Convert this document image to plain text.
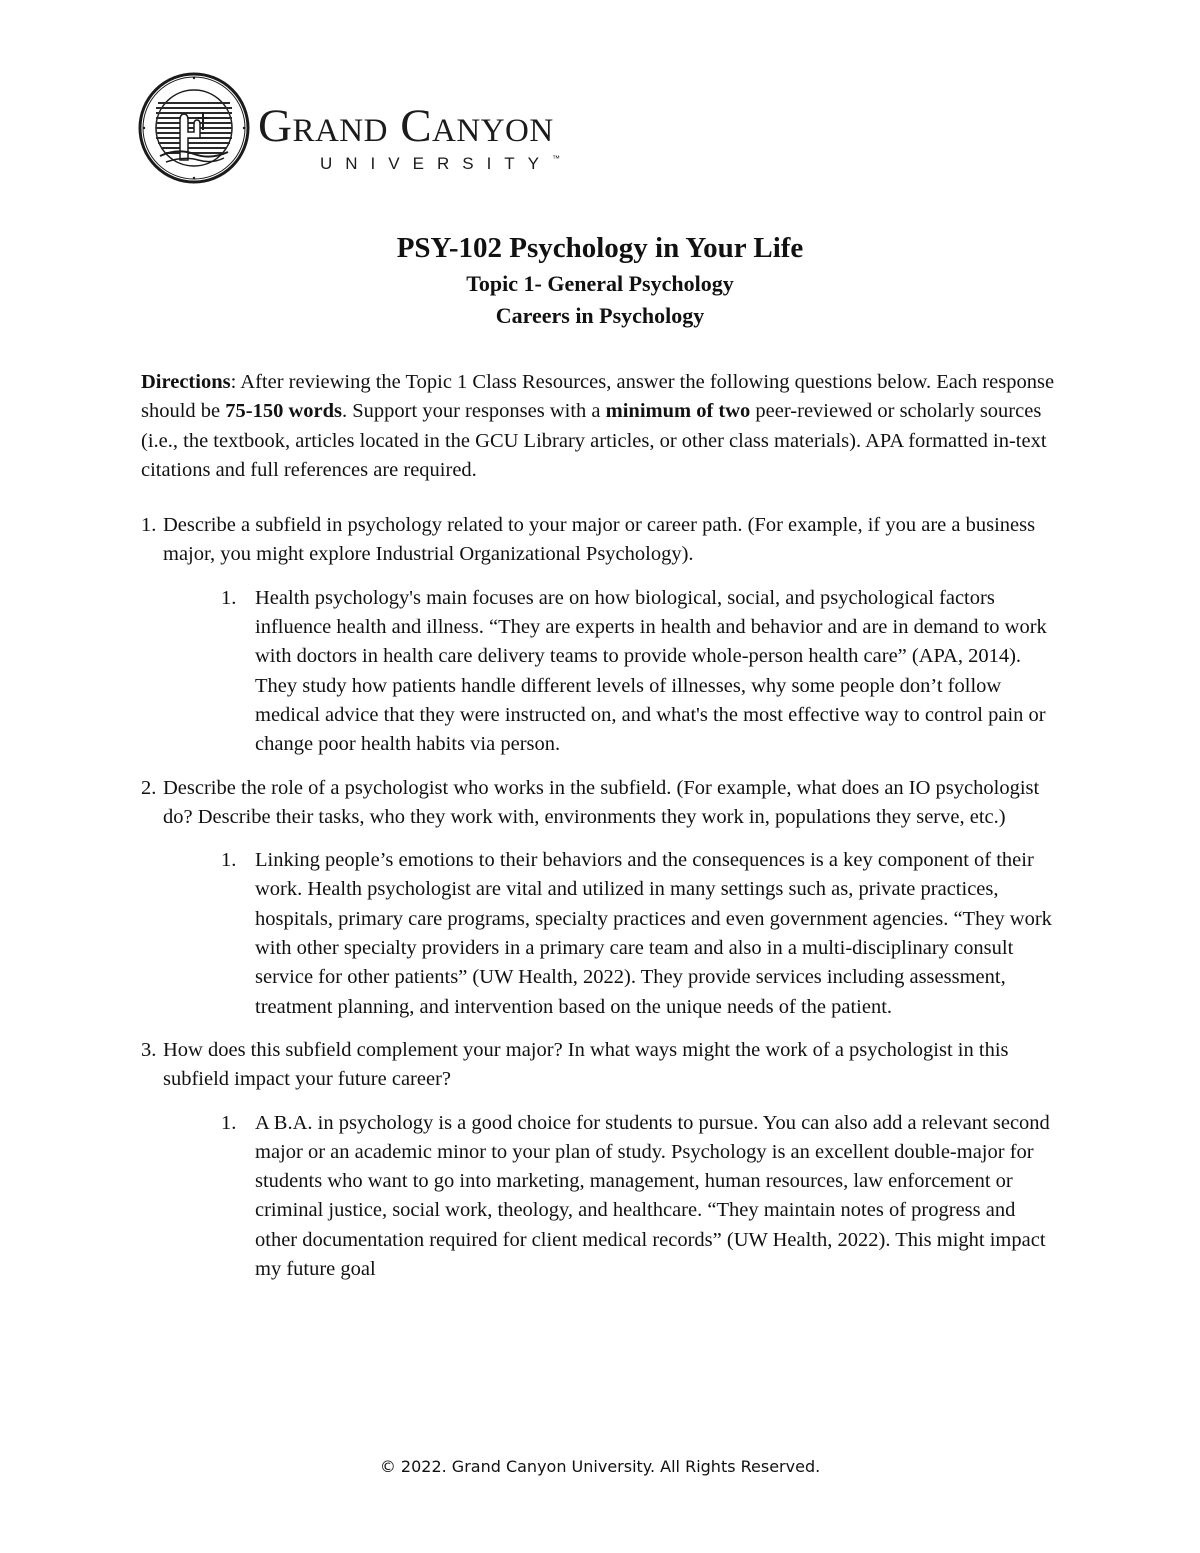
Grand Canyon
UNIVERSITY™
PSY-102 Psychology in Your Life
Topic 1- General Psychology
Careers in Psychology

Directions: After reviewing the Topic 1 Class Resources, answer the following questions below. Each response should be 75-150 words. Support your responses with a minimum of two peer-reviewed or scholarly sources (i.e., the textbook, articles located in the GCU Library articles, or other class materials). APA formatted in-text citations and full references are required.

1. Describe a subfield in psychology related to your major or career path. (For example, if you are a business major, you might explore Industrial Organizational Psychology).
1. Health psychology's main focuses are on how biological, social, and psychological factors influence health and illness. “They are experts in health and behavior and are in demand to work with doctors in health care delivery teams to provide whole-person health care” (APA, 2014). They study how patients handle different levels of illnesses, why some people don’t follow medical advice that they were instructed on, and what's the most effective way to control pain or change poor health habits via person.
2. Describe the role of a psychologist who works in the subfield. (For example, what does an IO psychologist do? Describe their tasks, who they work with, environments they work in, populations they serve, etc.)
1. Linking people’s emotions to their behaviors and the consequences is a key component of their work. Health psychologist are vital and utilized in many settings such as, private practices, hospitals, primary care programs, specialty practices and even government agencies. “They work with other specialty providers in a primary care team and also in a multi-disciplinary consult service for other patients” (UW Health, 2022). They provide services including assessment, treatment planning, and intervention based on the unique needs of the patient.
3. How does this subfield complement your major? In what ways might the work of a psychologist in this subfield impact your future career?
1. A B.A. in psychology is a good choice for students to pursue. You can also add a relevant second major or an academic minor to your plan of study. Psychology is an excellent double-major for students who want to go into marketing, management, human resources, law enforcement or criminal justice, social work, theology, and healthcare. “They maintain notes of progress and other documentation required for client medical records” (UW Health, 2022). This might impact my future goal
© 2022. Grand Canyon University. All Rights Reserved.
